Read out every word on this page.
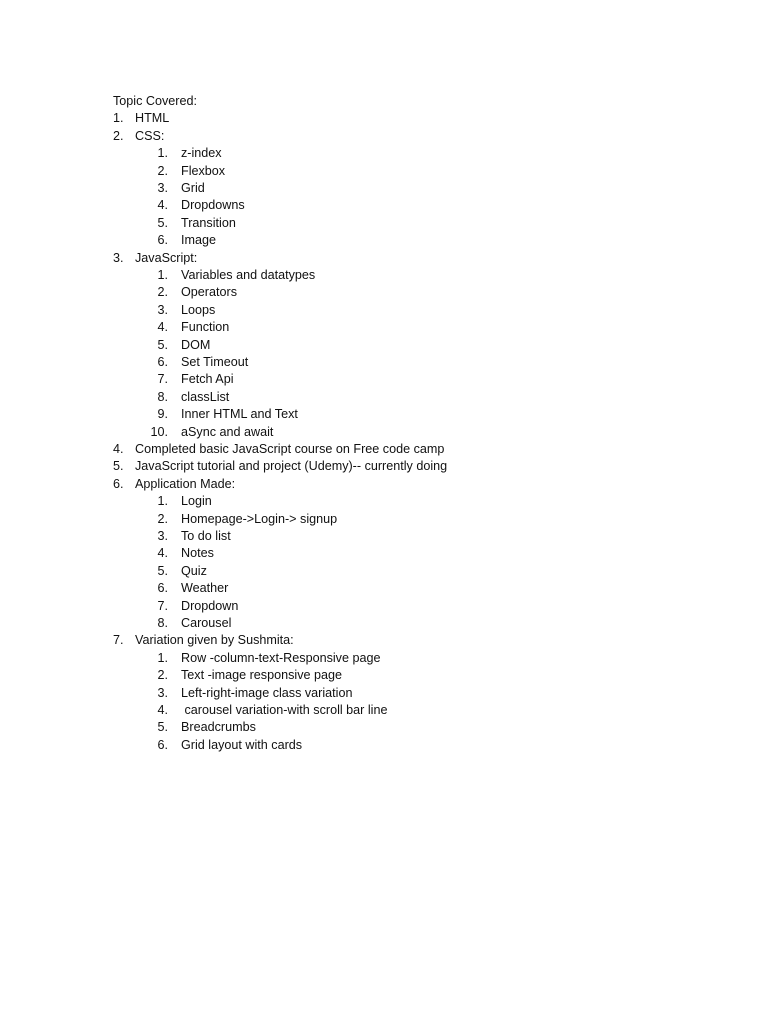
Topic Covered:
1. HTML
2. CSS:
1. z-index
2. Flexbox
3. Grid
4. Dropdowns
5. Transition
6. Image
3. JavaScript:
1. Variables and datatypes
2. Operators
3. Loops
4. Function
5. DOM
6. Set Timeout
7. Fetch Api
8. classList
9. Inner HTML and Text
10. aSync and await
4. Completed basic JavaScript course on Free code camp
5. JavaScript tutorial and project (Udemy)-- currently doing
6. Application Made:
1. Login
2. Homepage->Login-> signup
3. To do list
4. Notes
5. Quiz
6. Weather
7. Dropdown
8. Carousel
7. Variation given by Sushmita:
1. Row -column-text-Responsive page
2. Text -image responsive page
3. Left-right-image class variation
4. carousel variation-with scroll bar line
5. Breadcrumbs
6. Grid layout with cards
